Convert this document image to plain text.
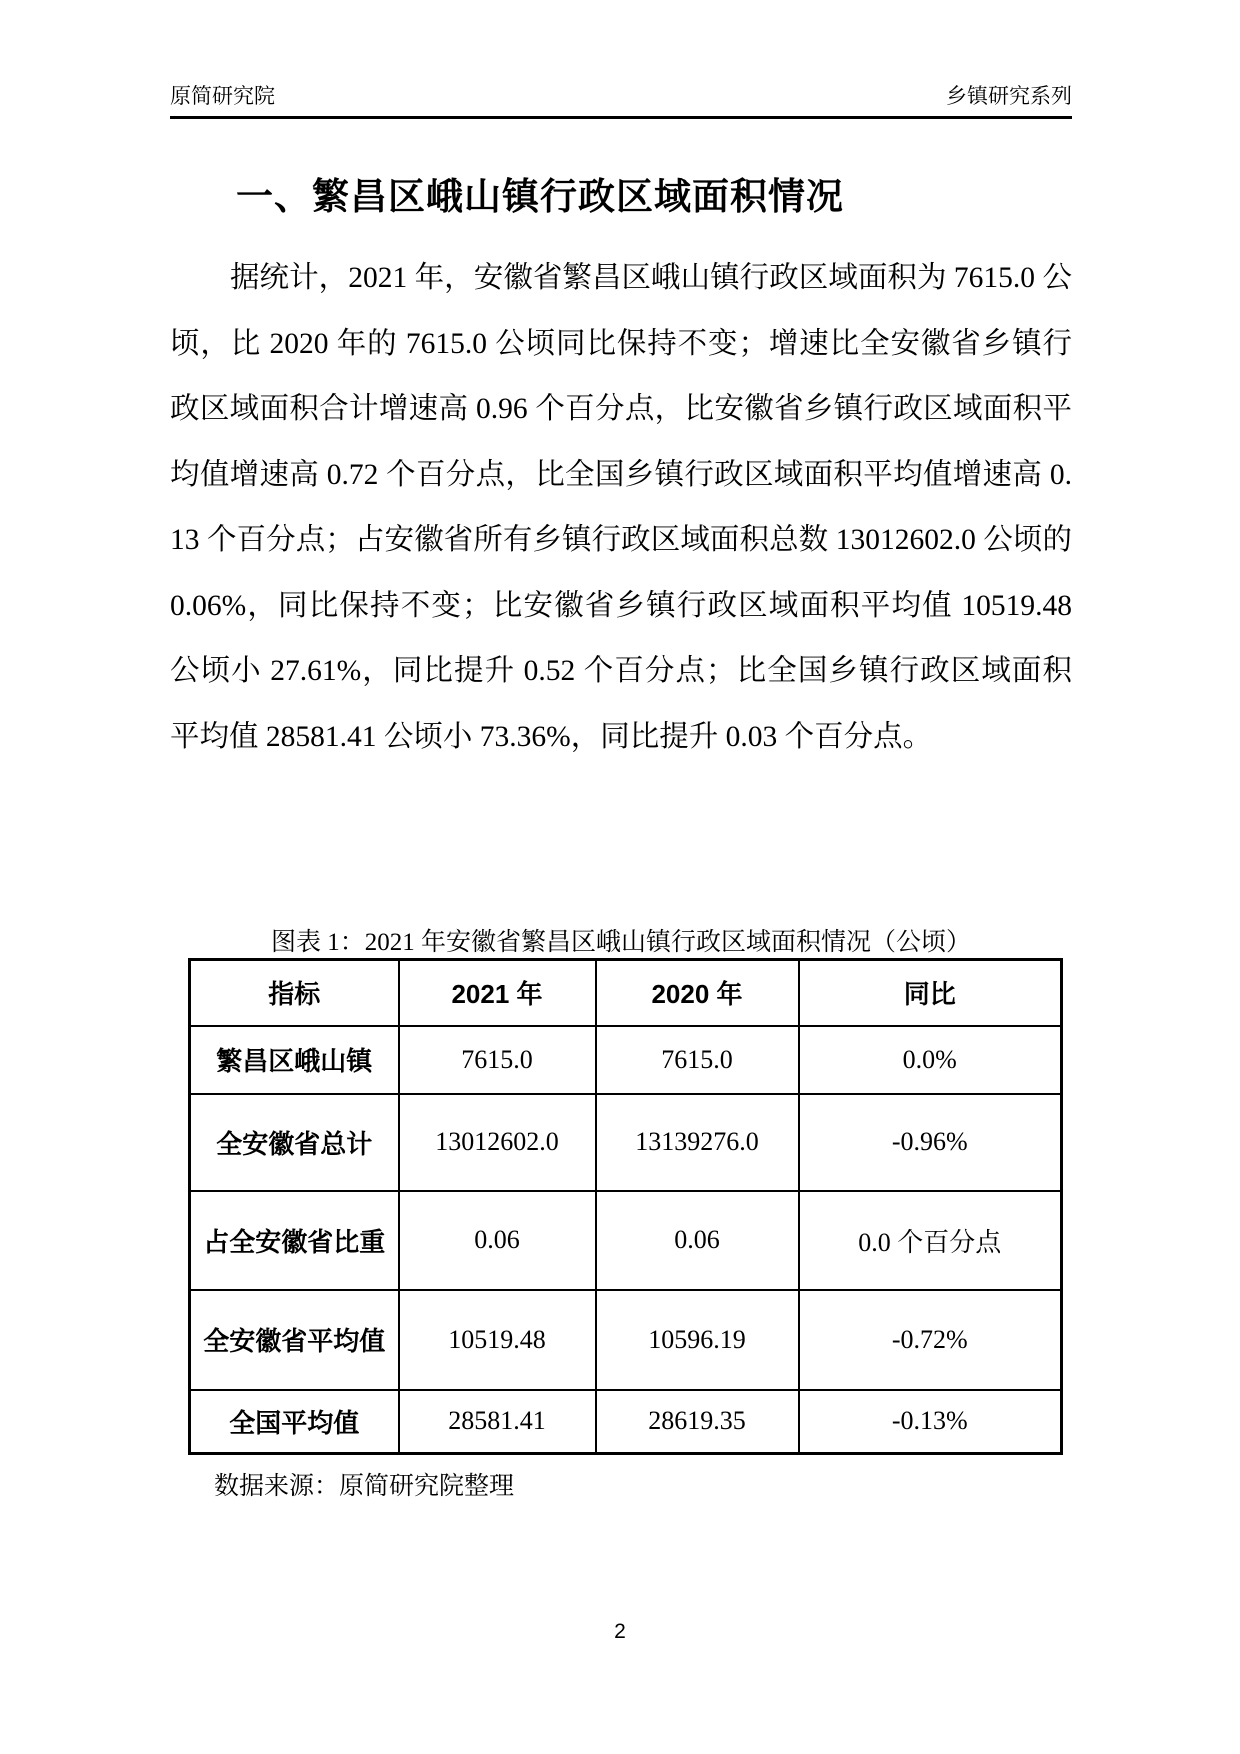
原简研究院	乡镇研究系列
一、繁昌区峨山镇行政区域面积情况

据统计，2021 年，安徽省繁昌区峨山镇行政区域面积为 7615.0 公顷，比 2020 年的 7615.0 公顷同比保持不变；增速比全安徽省乡镇行政区域面积合计增速高 0.96 个百分点，比安徽省乡镇行政区域面积平均值增速高 0.72 个百分点，比全国乡镇行政区域面积平均值增速高 0.13 个百分点；占安徽省所有乡镇行政区域面积总数 13012602.0 公顷的 0.06%，同比保持不变；比安徽省乡镇行政区域面积平均值 10519.48 公顷小 27.61%，同比提升 0.52 个百分点；比全国乡镇行政区域面积平均值 28581.41 公顷小 73.36%，同比提升 0.03 个百分点。

图表 1：2021 年安徽省繁昌区峨山镇行政区域面积情况（公顷）
指标	2021 年	2020 年	同比
繁昌区峨山镇	7615.0	7615.0	0.0%
全安徽省总计	13012602.0	13139276.0	-0.96%
占全安徽省比重	0.06	0.06	0.0 个百分点
全安徽省平均值	10519.48	10596.19	-0.72%
全国平均值	28581.41	28619.35	-0.13%
数据来源：原简研究院整理
2
